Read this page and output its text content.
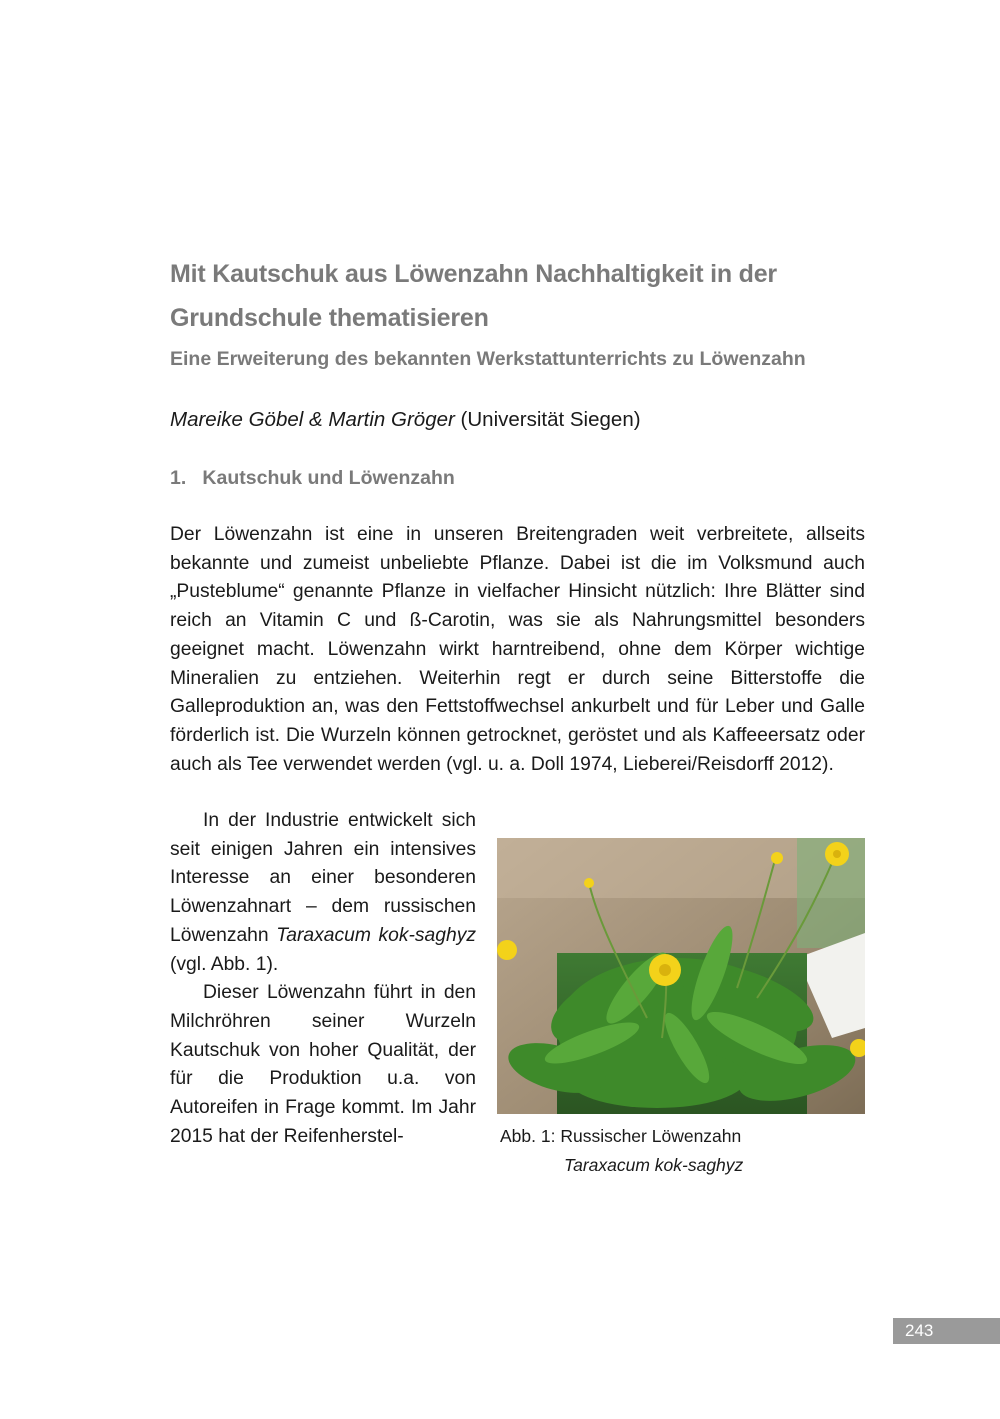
Mit Kautschuk aus Löwenzahn Nachhaltigkeit in der Grundschule thematisieren
Eine Erweiterung des bekannten Werkstattunterrichts zu Löwenzahn
Mareike Göbel & Martin Gröger (Universität Siegen)
1. Kautschuk und Löwenzahn

Der Löwenzahn ist eine in unseren Breitengraden weit verbreitete, allseits bekannte und zumeist unbeliebte Pflanze. Dabei ist die im Volksmund auch „Pusteblume“ genannte Pflanze in vielfacher Hinsicht nützlich: Ihre Blätter sind reich an Vitamin C und ß-Carotin, was sie als Nahrungsmittel besonders geeignet macht. Löwenzahn wirkt harntreibend, ohne dem Körper wichtige Mineralien zu entziehen. Weiterhin regt er durch seine Bitterstoffe die Galleproduktion an, was den Fettstoffwechsel ankurbelt und für Leber und Galle förderlich ist. Die Wurzeln können getrocknet, geröstet und als Kaffeeersatz oder auch als Tee verwendet werden (vgl. u. a. Doll 1974, Lieberei/Reisdorff 2012).

In der Industrie entwickelt sich seit einigen Jahren ein intensives Interesse an einer besonderen Löwenzahnart – dem russischen Löwenzahn Taraxacum kok-saghyz (vgl. Abb. 1).

Dieser Löwenzahn führt in den Milchröhren seiner Wurzeln Kautschuk von hoher Qualität, der für die Produktion u.a. von Autoreifen in Frage kommt. Im Jahr 2015 hat der Reifenherstel-	Abb. 1: Russischer Löwenzahn
Taraxacum kok-saghyz
243
